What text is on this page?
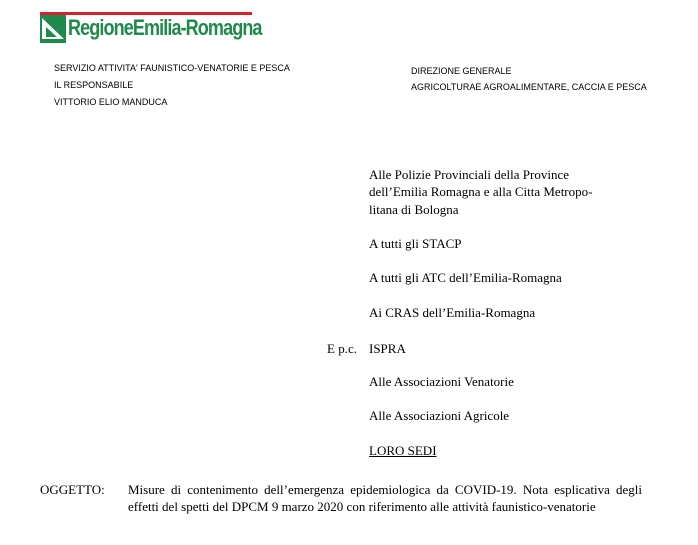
RegioneEmilia-Romagna
SERVIZIO ATTIVITA' FAUNISTICO-VENATORIE E PESCA
IL RESPONSABILE
VITTORIO ELIO MANDUCA
DIREZIONE GENERALE
AGRICOLTURAE AGROALIMENTARE, CACCIA E PESCA
Alle Polizie Provinciali della Province
dell’Emilia Romagna e alla Citta Metropo-
litana di Bologna
A tutti gli STACP
A tutti gli ATC dell’Emilia-Romagna
Ai CRAS dell’Emilia-Romagna
E p.c. ISPRA
Alle Associazioni Venatorie
Alle Associazioni Agricole
LORO SEDI
OGGETTO: Misure di contenimento dell’emergenza epidemiologica da COVID-19. Nota esplicativa degli effetti del spetti del DPCM 9 marzo 2020 con riferimento alle attività faunistico-venatorie
